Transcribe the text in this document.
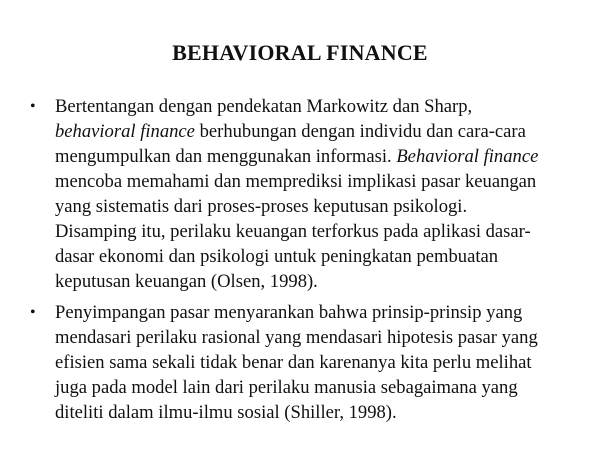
BEHAVIORAL FINANCE
• Bertentangan dengan pendekatan Markowitz dan Sharp,
behavioral finance berhubungan dengan individu dan cara-cara
mengumpulkan dan menggunakan informasi. Behavioral finance
mencoba memahami dan memprediksi implikasi pasar keuangan
yang sistematis dari proses-proses keputusan psikologi.
Disamping itu, perilaku keuangan terforkus pada aplikasi dasar-
dasar ekonomi dan psikologi untuk peningkatan pembuatan
keputusan keuangan (Olsen, 1998).
• Penyimpangan pasar menyarankan bahwa prinsip-prinsip yang
mendasari perilaku rasional yang mendasari hipotesis pasar yang
efisien sama sekali tidak benar dan karenanya kita perlu melihat
juga pada model lain dari perilaku manusia sebagaimana yang
diteliti dalam ilmu-ilmu sosial (Shiller, 1998).
